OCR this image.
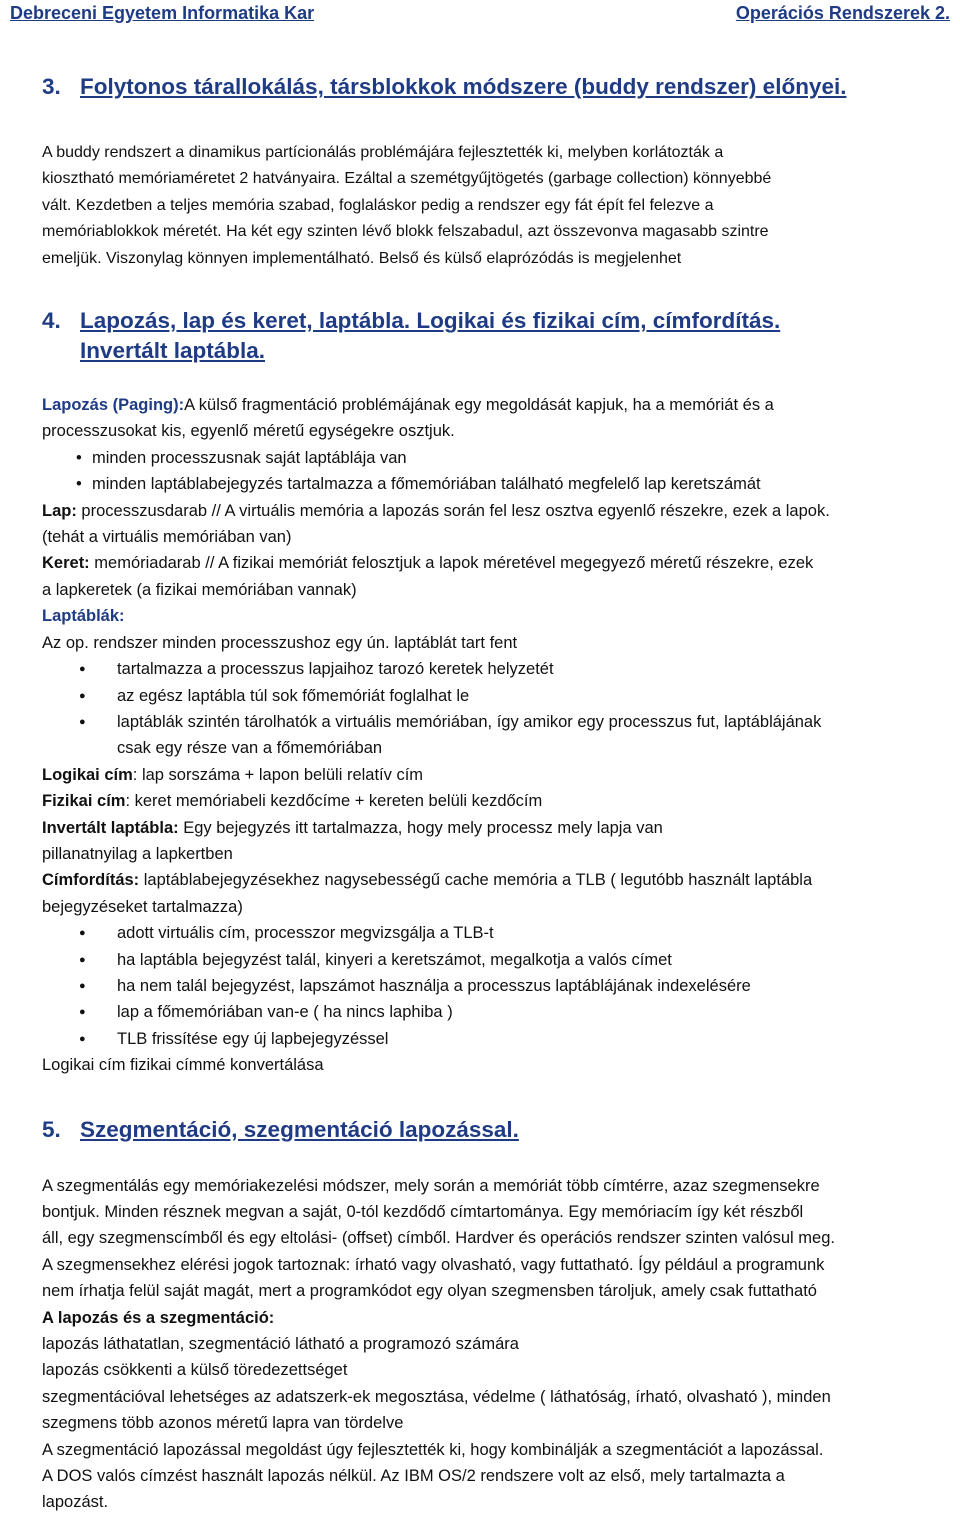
Debreceni Egyetem Informatika Kar	Operációs Rendszerek 2.
3. Folytonos tárallokálás, társblokkok módszere (buddy rendszer) előnyei.

A buddy rendszert a dinamikus partícionálás problémájára fejlesztették ki, melyben korlátozták a

kiosztható memóriaméretet 2 hatványaira. Ezáltal a szemétgyűjtögetés (garbage collection) könnyebbé

vált. Kezdetben a teljes memória szabad, foglaláskor pedig a rendszer egy fát épít fel felezve a

memóriablokkok méretét. Ha két egy szinten lévő blokk felszabadul, azt összevonva magasabb szintre

emeljük. Viszonylag könnyen implementálható. Belső és külső elaprózódás is megjelenhet

4. Lapozás, lap és keret, laptábla. Logikai és fizikai cím, címfordítás.
Invertált laptábla.

Lapozás (Paging):A külső fragmentáció problémájának egy megoldását kapjuk, ha a memóriát és a

processzusokat kis, egyenlő méretű egységekre osztjuk.

• minden processzusnak saját laptáblája van
• minden laptáblabejegyzés tartalmazza a főmemóriában található megfelelő lap keretszámát

Lap: processzusdarab // A virtuális memória a lapozás során fel lesz osztva egyenlő részekre, ezek a lapok.

(tehát a virtuális memóriában van)

Keret: memóriadarab // A fizikai memóriát felosztjuk a lapok méretével megegyező méretű részekre, ezek

a lapkeretek (a fizikai memóriában vannak)

Laptáblák:

Az op. rendszer minden processzushoz egy ún. laptáblát tart fent

● tartalmazza a processzus lapjaihoz tarozó keretek helyzetét
● az egész laptábla túl sok főmemóriát foglalhat le
● laptáblák szintén tárolhatók a virtuális memóriában, így amikor egy processzus fut, laptáblájának

csak egy része van a főmemóriában

Logikai cím: lap sorszáma + lapon belüli relatív cím

Fizikai cím: keret memóriabeli kezdőcíme + kereten belüli kezdőcím

Invertált laptábla: Egy bejegyzés itt tartalmazza, hogy mely processz mely lapja van

pillanatnyilag a lapkertben

Címfordítás: laptáblabejegyzésekhez nagysebességű cache memória a TLB ( legutóbb használt laptábla

bejegyzéseket tartalmazza)

● adott virtuális cím, processzor megvizsgálja a TLB-t
● ha laptábla bejegyzést talál, kinyeri a keretszámot, megalkotja a valós címet
● ha nem talál bejegyzést, lapszámot használja a processzus laptáblájának indexelésére
● lap a főmemóriában van-e ( ha nincs laphiba )
● TLB frissítése egy új lapbejegyzéssel

Logikai cím fizikai címmé konvertálása

5. Szegmentáció, szegmentáció lapozással.

A szegmentálás egy memóriakezelési módszer, mely során a memóriát több címtérre, azaz szegmensekre

bontjuk. Minden résznek megvan a saját, 0-tól kezdődő címtartománya. Egy memóriacím így két részből

áll, egy szegmenscímből és egy eltolási- (offset) címből. Hardver és operációs rendszer szinten valósul meg.

A szegmensekhez elérési jogok tartoznak: írható vagy olvasható, vagy futtatható. Így például a programunk

nem írhatja felül saját magát, mert a programkódot egy olyan szegmensben tároljuk, amely csak futtatható

A lapozás és a szegmentáció:

lapozás láthatatlan, szegmentáció látható a programozó számára

lapozás csökkenti a külső töredezettséget

szegmentációval lehetséges az adatszerk-ek megosztása, védelme ( láthatóság, írható, olvasható ), minden

szegmens több azonos méretű lapra van tördelve

A szegmentáció lapozással megoldást úgy fejlesztették ki, hogy kombinálják a szegmentációt a lapozással.

A DOS valós címzést használt lapozás nélkül. Az IBM OS/2 rendszere volt az első, mely tartalmazta a

lapozást.
